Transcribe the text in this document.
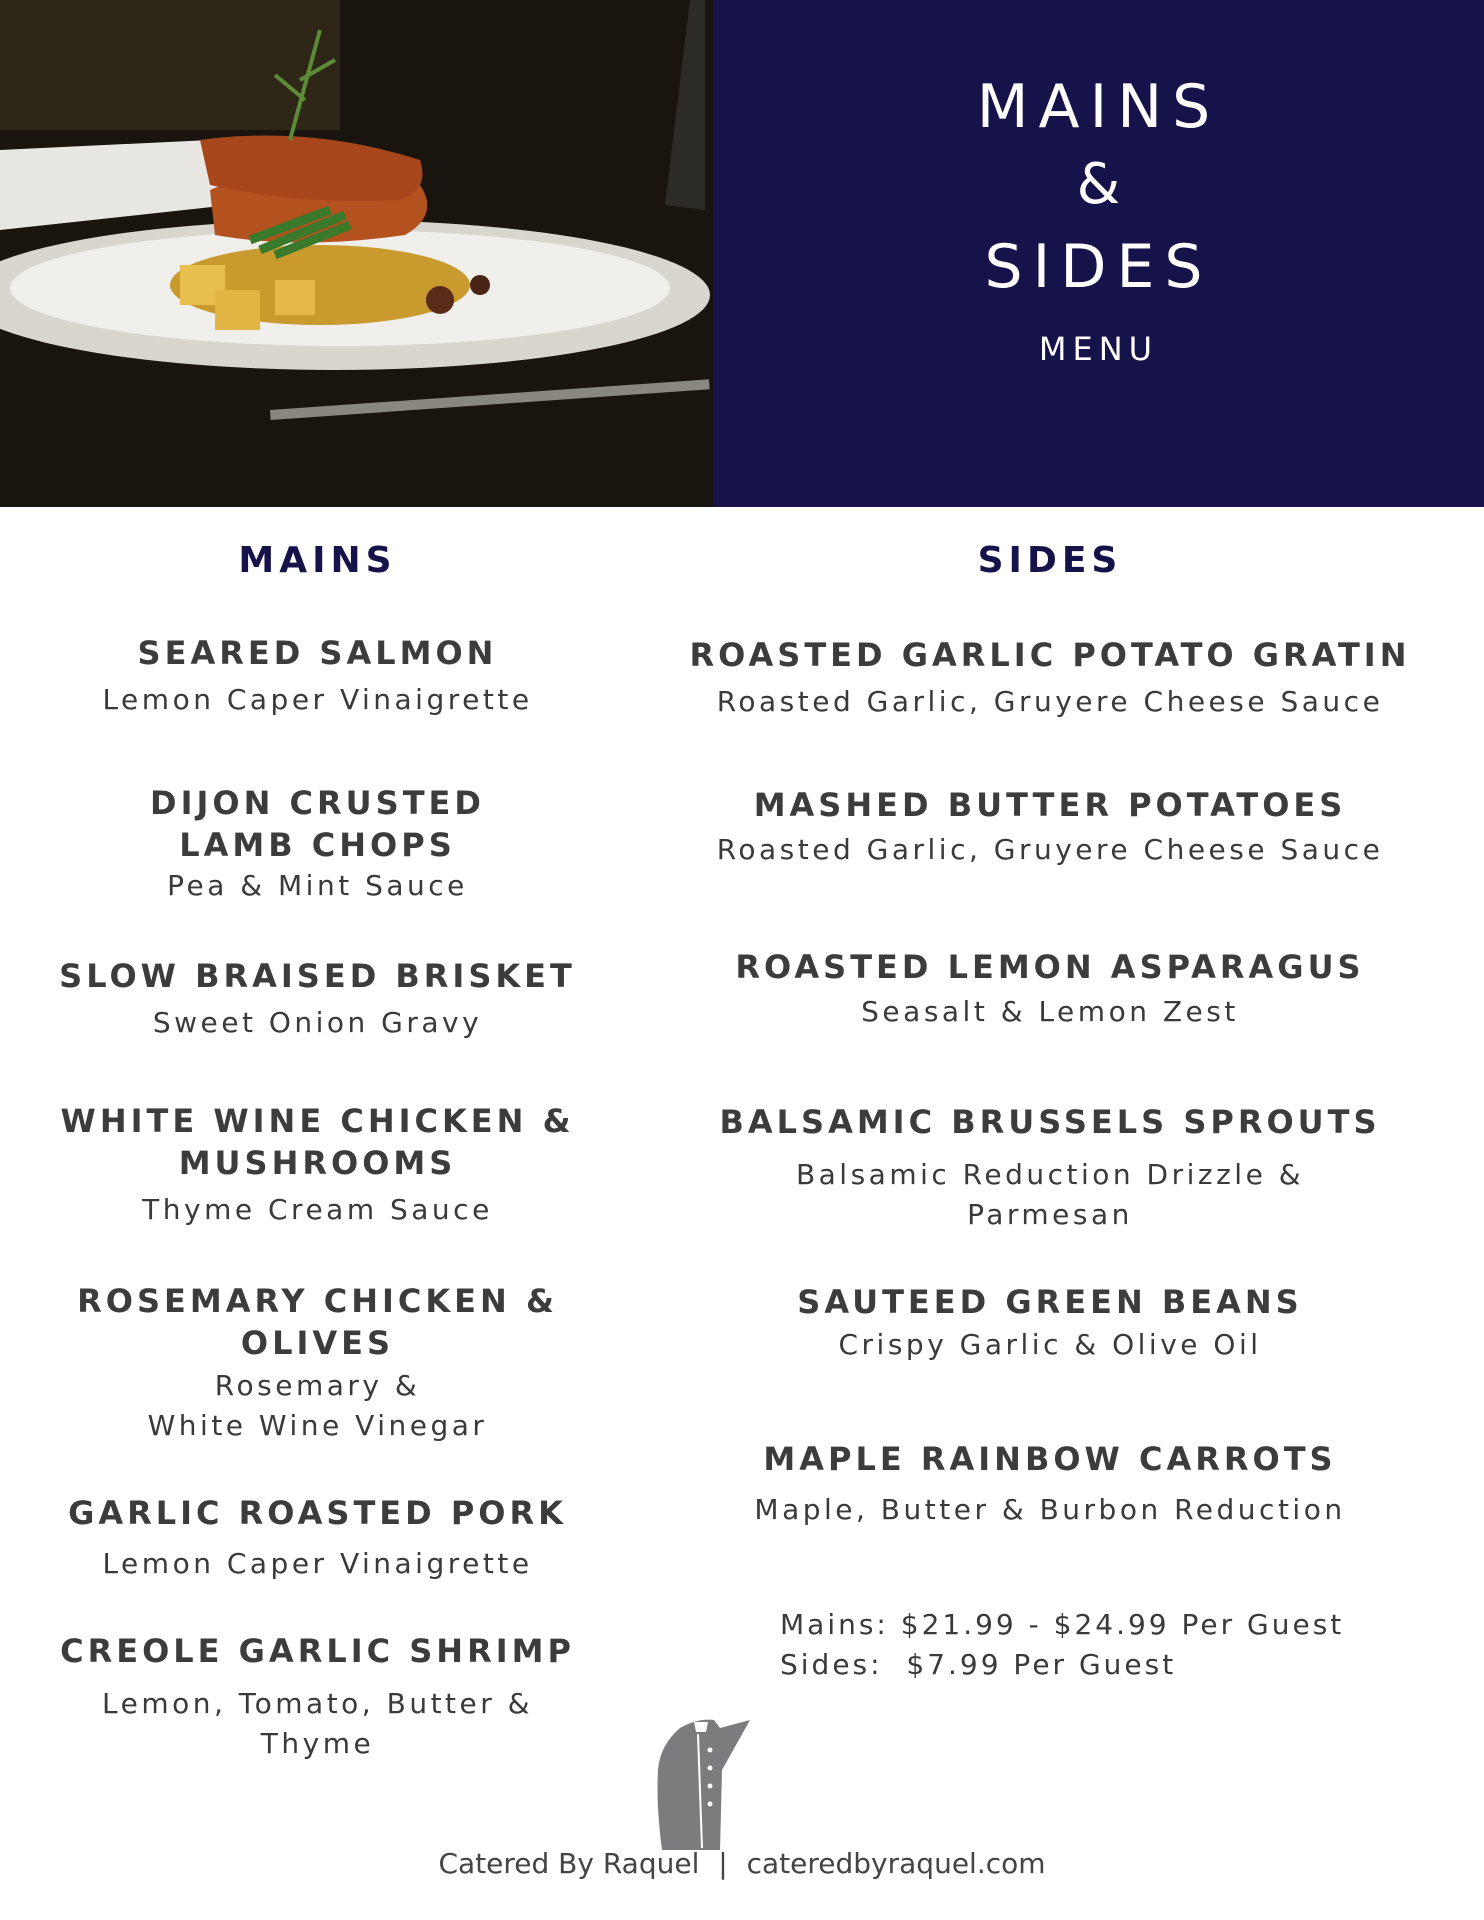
MAINS
&
SIDES
MENU
MAINS
SEARED SALMON
Lemon Caper Vinaigrette
DIJON CRUSTED
LAMB CHOPS
Pea & Mint Sauce
SLOW BRAISED BRISKET
Sweet Onion Gravy
WHITE WINE CHICKEN &
MUSHROOMS
Thyme Cream Sauce
ROSEMARY CHICKEN &
OLIVES
Rosemary &
White Wine Vinegar
GARLIC ROASTED PORK
Lemon Caper Vinaigrette
CREOLE GARLIC SHRIMP
Lemon, Tomato, Butter & Thyme
SIDES
ROASTED GARLIC POTATO GRATIN
Roasted Garlic, Gruyere Cheese Sauce
MASHED BUTTER POTATOES
Roasted Garlic, Gruyere Cheese Sauce
ROASTED LEMON ASPARAGUS
Seasalt & Lemon Zest
BALSAMIC BRUSSELS SPROUTS
Balsamic Reduction Drizzle &
Parmesan
SAUTEED GREEN BEANS
Crispy Garlic & Olive Oil
MAPLE RAINBOW CARROTS
Maple, Butter & Burbon Reduction
Mains: $21.99 - $24.99 Per Guest
Sides:  $7.99 Per Guest
Catered By Raquel | cateredbyraquel.com
